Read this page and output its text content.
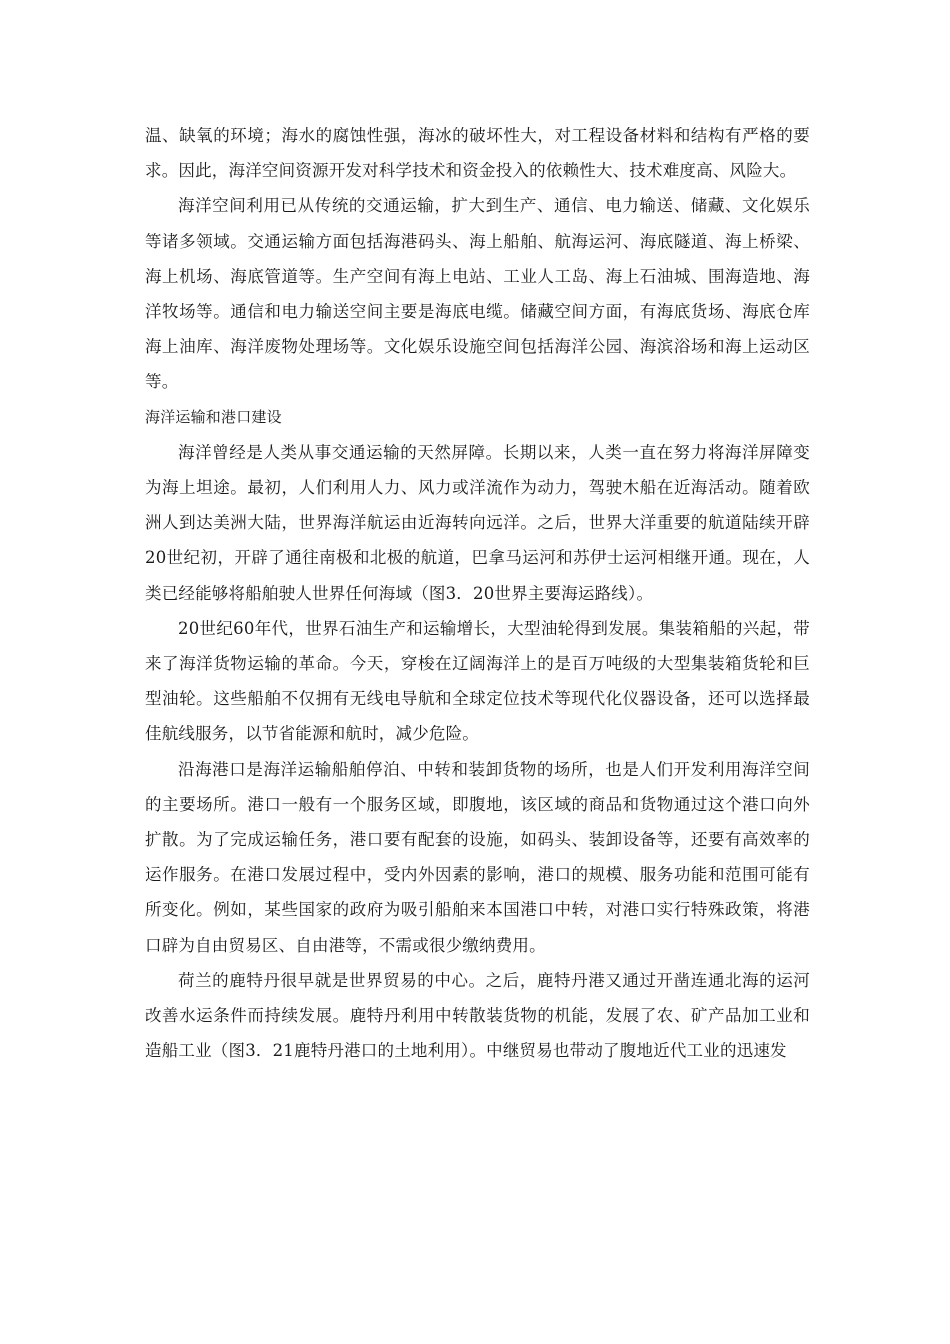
温、缺氧的环境；海水的腐蚀性强，海冰的破坏性大，对工程设备材料和结构有严格的要求。因此，海洋空间资源开发对科学技术和资金投入的依赖性大、技术难度高、风险大。

海洋空间利用已从传统的交通运输，扩大到生产、通信、电力输送、储藏、文化娱乐等诸多领域。交通运输方面包括海港码头、海上船舶、航海运河、海底隧道、海上桥梁、海上机场、海底管道等。生产空间有海上电站、工业人工岛、海上石油城、围海造地、海洋牧场等。通信和电力输送空间主要是海底电缆。储藏空间方面，有海底货场、海底仓库海上油库、海洋废物处理场等。文化娱乐设施空间包括海洋公园、海滨浴场和海上运动区等。

海洋运输和港口建设

海洋曾经是人类从事交通运输的天然屏障。长期以来，人类一直在努力将海洋屏障变为海上坦途。最初，人们利用人力、风力或洋流作为动力，驾驶木船在近海活动。随着欧洲人到达美洲大陆，世界海洋航运由近海转向远洋。之后，世界大洋重要的航道陆续开辟20世纪初，开辟了通往南极和北极的航道，巴拿马运河和苏伊士运河相继开通。现在，人类已经能够将船舶驶人世界任何海域（图3．20世界主要海运路线）。

20世纪60年代，世界石油生产和运输增长，大型油轮得到发展。集装箱船的兴起，带来了海洋货物运输的革命。今天，穿梭在辽阔海洋上的是百万吨级的大型集装箱货轮和巨型油轮。这些船舶不仅拥有无线电导航和全球定位技术等现代化仪器设备，还可以选择最佳航线服务，以节省能源和航时，减少危险。

沿海港口是海洋运输船舶停泊、中转和装卸货物的场所，也是人们开发利用海洋空间的主要场所。港口一般有一个服务区域，即腹地，该区域的商品和货物通过这个港口向外扩散。为了完成运输任务，港口要有配套的设施，如码头、装卸设备等，还要有高效率的运作服务。在港口发展过程中，受内外因素的影响，港口的规模、服务功能和范围可能有所变化。例如，某些国家的政府为吸引船舶来本国港口中转，对港口实行特殊政策，将港口辟为自由贸易区、自由港等，不需或很少缴纳费用。

荷兰的鹿特丹很早就是世界贸易的中心。之后，鹿特丹港又通过开凿连通北海的运河改善水运条件而持续发展。鹿特丹利用中转散装货物的机能，发展了农、矿产品加工业和造船工业（图3．21鹿特丹港口的土地利用）。中继贸易也带动了腹地近代工业的迅速发
